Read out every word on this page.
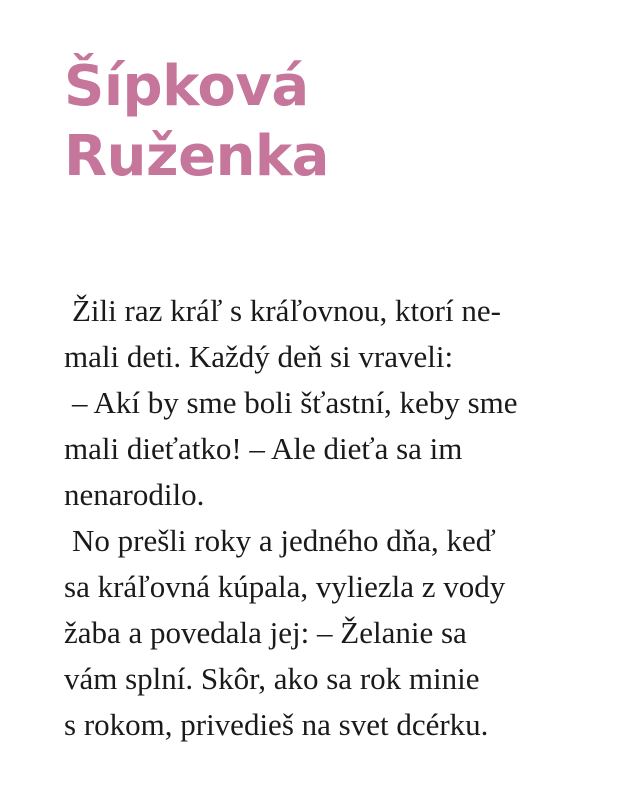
Šípková
Ruženka
Žili raz kráľ s kráľovnou, ktorí ne-
mali deti. Každý deň si vraveli:
– Akí by sme boli šťastní, keby sme
mali dieťatko! – Ale dieťa sa im
nenarodilo.
No prešli roky a jedného dňa, keď
sa kráľovná kúpala, vyliezla z vody
žaba a povedala jej: – Želanie sa
vám splní. Skôr, ako sa rok minie
s rokom, privedieš na svet dcérku.
